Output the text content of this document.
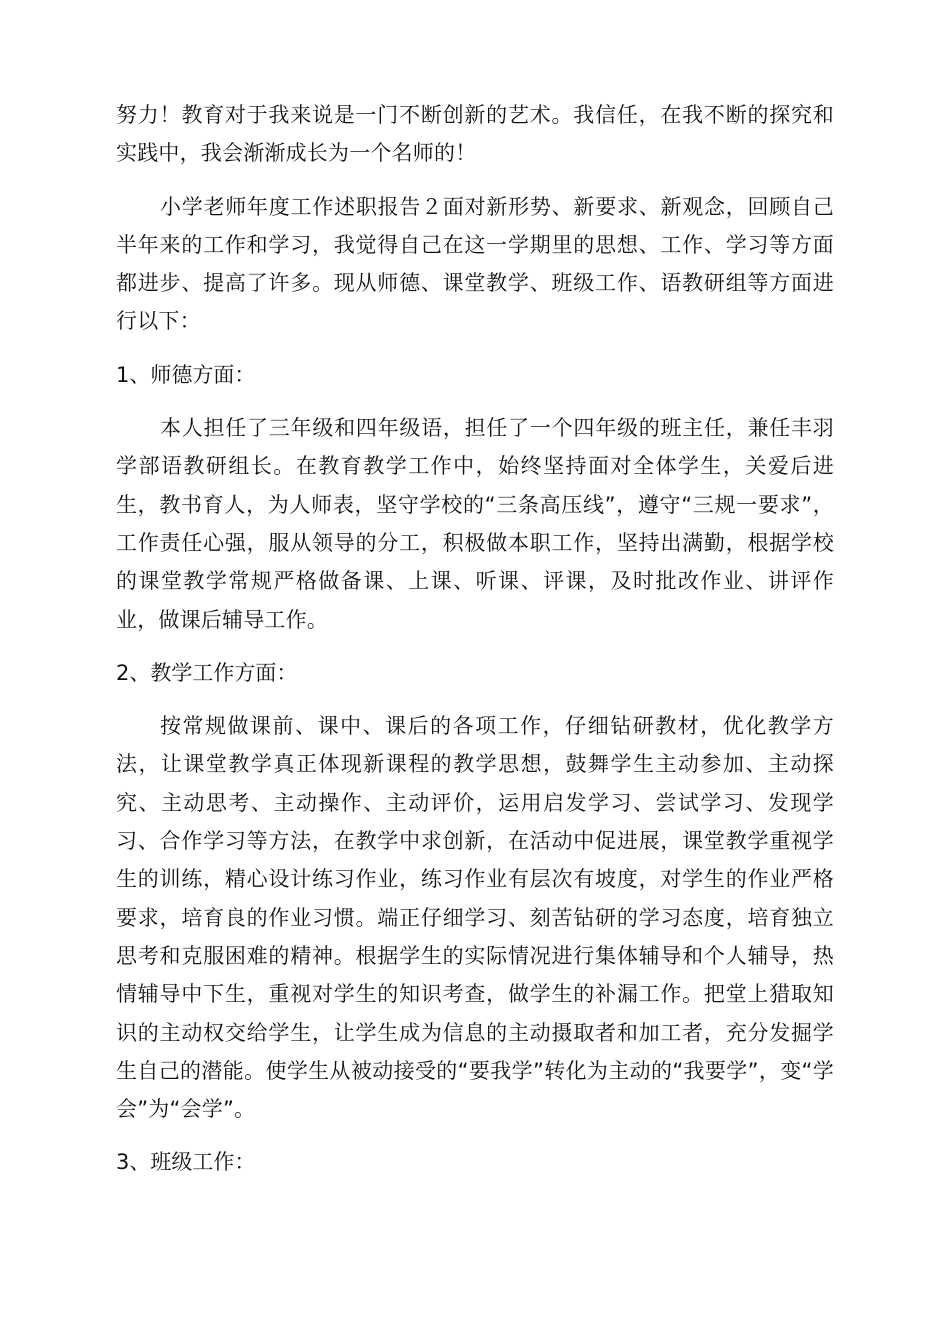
努力！教育对于我来说是一门不断创新的艺术。我信任，在我不断的探究和实践中，我会渐渐成长为一个名师的！

小学老师年度工作述职报告２面对新形势、新要求、新观念，回顾自己半年来的工作和学习，我觉得自己在这一学期里的思想、工作、学习等方面都进步、提高了许多。现从师德、课堂教学、班级工作、语教研组等方面进行以下：

1、师德方面：

本人担任了三年级和四年级语，担任了一个四年级的班主任，兼任丰羽学部语教研组长。在教育教学工作中，始终坚持面对全体学生，关爱后进生，教书育人，为人师表，坚守学校的“三条高压线”，遵守“三规一要求”，工作责任心强，服从领导的分工，积极做本职工作，坚持出满勤，根据学校的课堂教学常规严格做备课、上课、听课、评课，及时批改作业、讲评作业，做课后辅导工作。

2、教学工作方面：

按常规做课前、课中、课后的各项工作，仔细钻研教材，优化教学方法，让课堂教学真正体现新课程的教学思想，鼓舞学生主动参加、主动探究、主动思考、主动操作、主动评价，运用启发学习、尝试学习、发现学习、合作学习等方法，在教学中求创新，在活动中促进展，课堂教学重视学生的训练，精心设计练习作业，练习作业有层次有坡度，对学生的作业严格要求，培育良的作业习惯。端正仔细学习、刻苦钻研的学习态度，培育独立思考和克服困难的精神。根据学生的实际情况进行集体辅导和个人辅导，热情辅导中下生，重视对学生的知识考查，做学生的补漏工作。把堂上猎取知识的主动权交给学生，让学生成为信息的主动摄取者和加工者，充分发掘学生自己的潜能。使学生从被动接受的“要我学”转化为主动的“我要学”，变“学会”为“会学”。

3、班级工作：
